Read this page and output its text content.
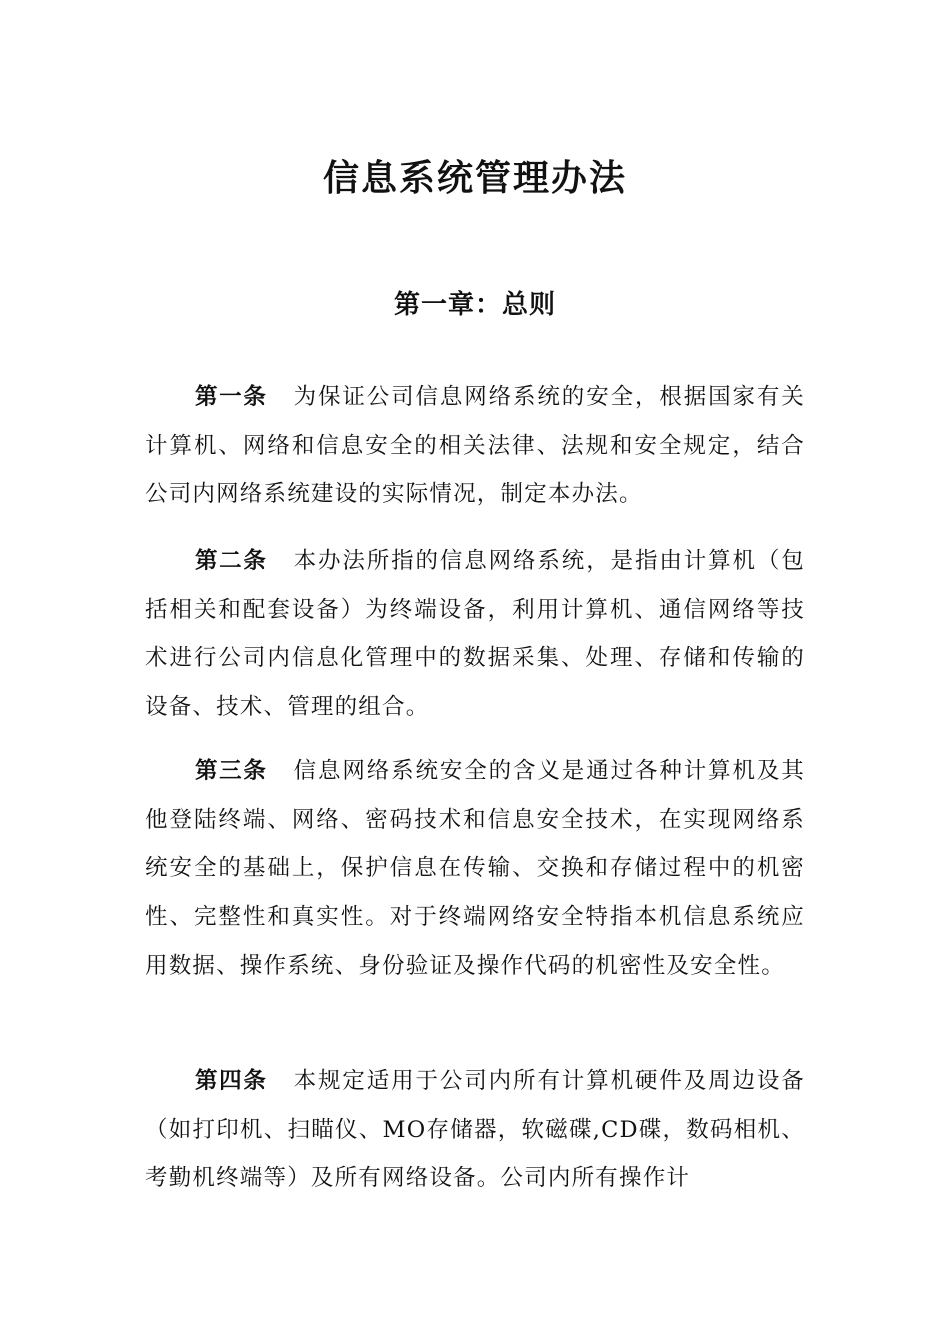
信息系统管理办法
第一章：总则

第一条 为保证公司信息网络系统的安全，根据国家有关计算机、网络和信息安全的相关法律、法规和安全规定，结合公司内网络系统建设的实际情况，制定本办法。

第二条 本办法所指的信息网络系统，是指由计算机（包括相关和配套设备）为终端设备，利用计算机、通信网络等技术进行公司内信息化管理中的数据采集、处理、存储和传输的设备、技术、管理的组合。

第三条 信息网络系统安全的含义是通过各种计算机及其他登陆终端、网络、密码技术和信息安全技术，在实现网络系统安全的基础上，保护信息在传输、交换和存储过程中的机密性、完整性和真实性。对于终端网络安全特指本机信息系统应用数据、操作系统、身份验证及操作代码的机密性及安全性。

第四条 本规定适用于公司内所有计算机硬件及周边设备（如打印机、扫瞄仪、MO存储器，软磁碟,CD碟，数码相机、考勤机终端等）及所有网络设备。公司内所有操作计
